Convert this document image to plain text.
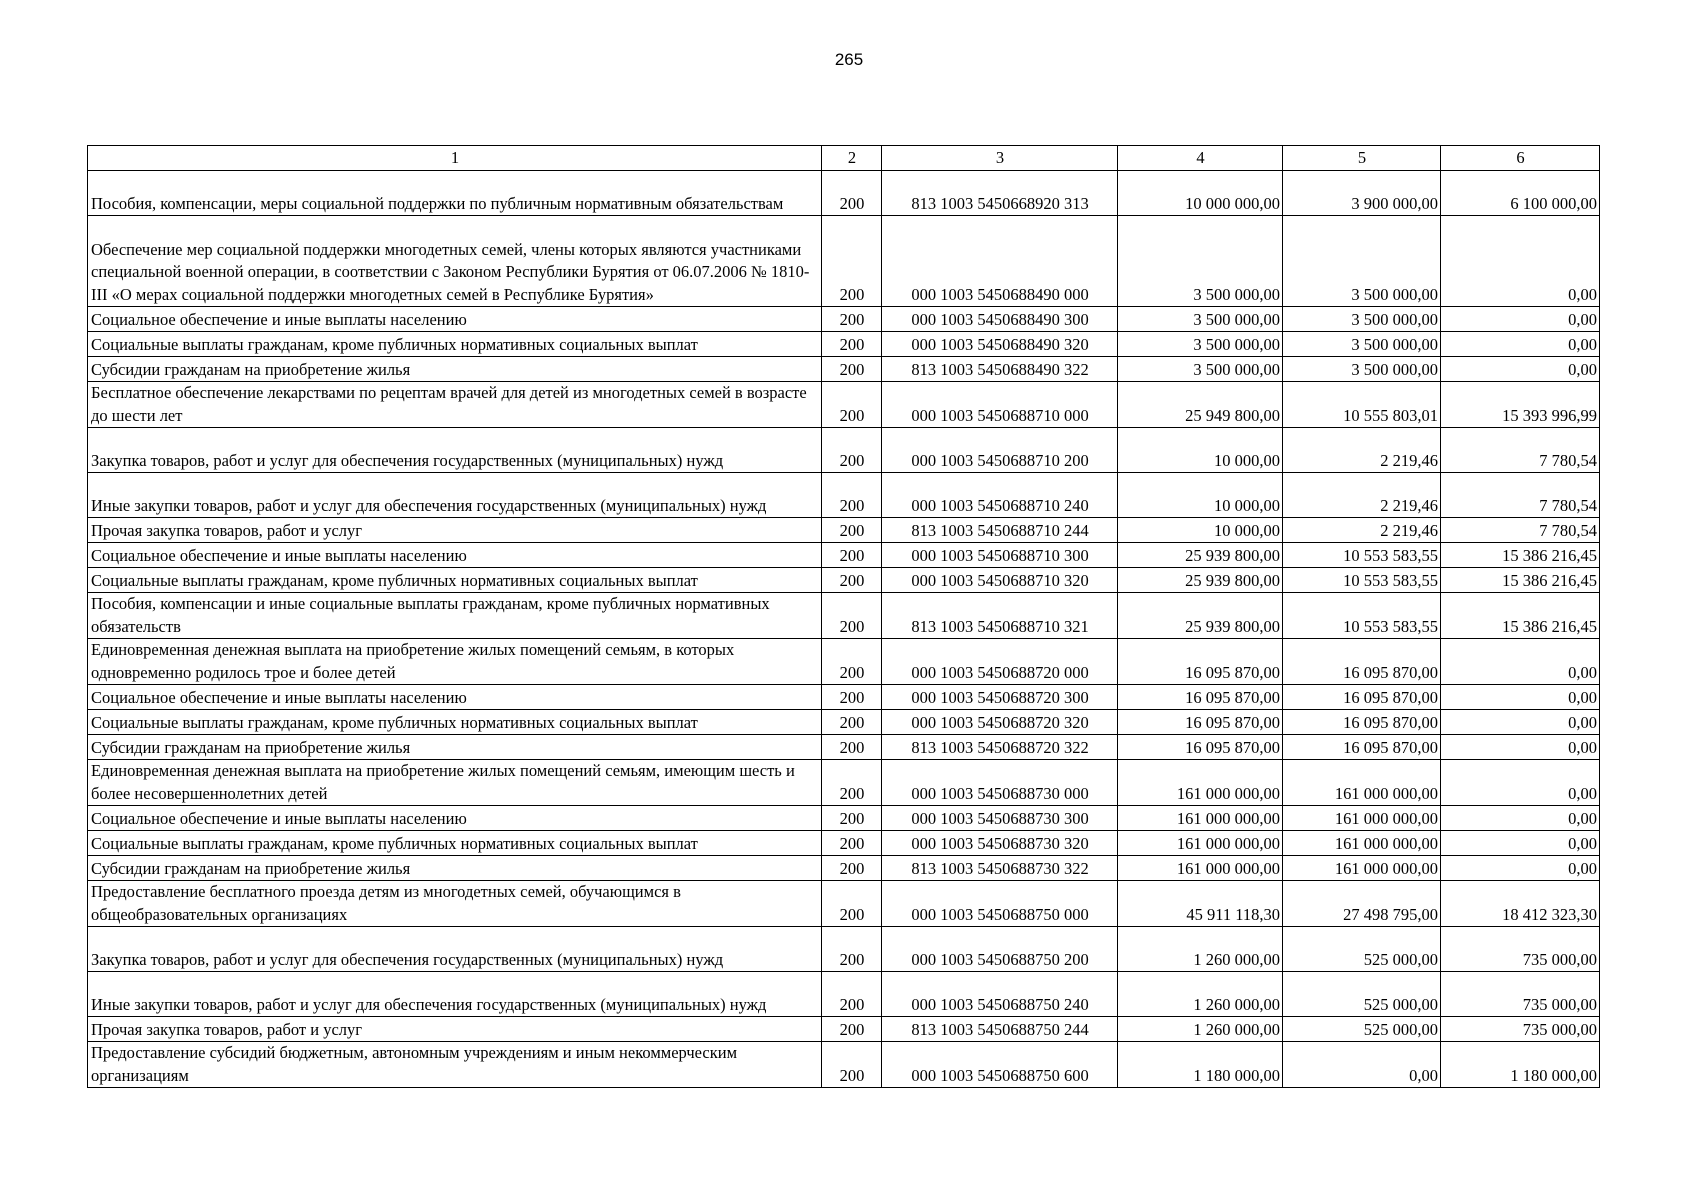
265
1	2	3	4	5	6
Пособия, компенсации, меры социальной поддержки по публичным нормативным обязательствам	200	813 1003 5450668920 313	10 000 000,00	3 900 000,00	6 100 000,00
Обеспечение мер социальной поддержки многодетных семей, члены которых являются участниками специальной военной операции, в соответствии с Законом Республики Бурятия от 06.07.2006 № 1810-III «О мерах социальной поддержки многодетных семей в Республике Бурятия»	200	000 1003 5450688490 000	3 500 000,00	3 500 000,00	0,00
Социальное обеспечение и иные выплаты населению	200	000 1003 5450688490 300	3 500 000,00	3 500 000,00	0,00
Социальные выплаты гражданам, кроме публичных нормативных социальных выплат	200	000 1003 5450688490 320	3 500 000,00	3 500 000,00	0,00
Субсидии гражданам на приобретение жилья	200	813 1003 5450688490 322	3 500 000,00	3 500 000,00	0,00
Бесплатное обеспечение лекарствами по рецептам врачей для детей из многодетных семей в возрасте до шести лет	200	000 1003 5450688710 000	25 949 800,00	10 555 803,01	15 393 996,99
Закупка товаров, работ и услуг для обеспечения государственных (муниципальных) нужд	200	000 1003 5450688710 200	10 000,00	2 219,46	7 780,54
Иные закупки товаров, работ и услуг для обеспечения государственных (муниципальных) нужд	200	000 1003 5450688710 240	10 000,00	2 219,46	7 780,54
Прочая закупка товаров, работ и услуг	200	813 1003 5450688710 244	10 000,00	2 219,46	7 780,54
Социальное обеспечение и иные выплаты населению	200	000 1003 5450688710 300	25 939 800,00	10 553 583,55	15 386 216,45
Социальные выплаты гражданам, кроме публичных нормативных социальных выплат	200	000 1003 5450688710 320	25 939 800,00	10 553 583,55	15 386 216,45
Пособия, компенсации и иные социальные выплаты гражданам, кроме публичных нормативных обязательств	200	813 1003 5450688710 321	25 939 800,00	10 553 583,55	15 386 216,45
Единовременная денежная выплата на приобретение жилых помещений семьям, в которых одновременно родилось трое и более детей	200	000 1003 5450688720 000	16 095 870,00	16 095 870,00	0,00
Социальное обеспечение и иные выплаты населению	200	000 1003 5450688720 300	16 095 870,00	16 095 870,00	0,00
Социальные выплаты гражданам, кроме публичных нормативных социальных выплат	200	000 1003 5450688720 320	16 095 870,00	16 095 870,00	0,00
Субсидии гражданам на приобретение жилья	200	813 1003 5450688720 322	16 095 870,00	16 095 870,00	0,00
Единовременная денежная выплата на приобретение жилых помещений семьям, имеющим шесть и более несовершеннолетних детей	200	000 1003 5450688730 000	161 000 000,00	161 000 000,00	0,00
Социальное обеспечение и иные выплаты населению	200	000 1003 5450688730 300	161 000 000,00	161 000 000,00	0,00
Социальные выплаты гражданам, кроме публичных нормативных социальных выплат	200	000 1003 5450688730 320	161 000 000,00	161 000 000,00	0,00
Субсидии гражданам на приобретение жилья	200	813 1003 5450688730 322	161 000 000,00	161 000 000,00	0,00
Предоставление бесплатного проезда детям из многодетных семей, обучающимся в общеобразовательных организациях	200	000 1003 5450688750 000	45 911 118,30	27 498 795,00	18 412 323,30
Закупка товаров, работ и услуг для обеспечения государственных (муниципальных) нужд	200	000 1003 5450688750 200	1 260 000,00	525 000,00	735 000,00
Иные закупки товаров, работ и услуг для обеспечения государственных (муниципальных) нужд	200	000 1003 5450688750 240	1 260 000,00	525 000,00	735 000,00
Прочая закупка товаров, работ и услуг	200	813 1003 5450688750 244	1 260 000,00	525 000,00	735 000,00
Предоставление субсидий бюджетным, автономным учреждениям и иным некоммерческим организациям	200	000 1003 5450688750 600	1 180 000,00	0,00	1 180 000,00
